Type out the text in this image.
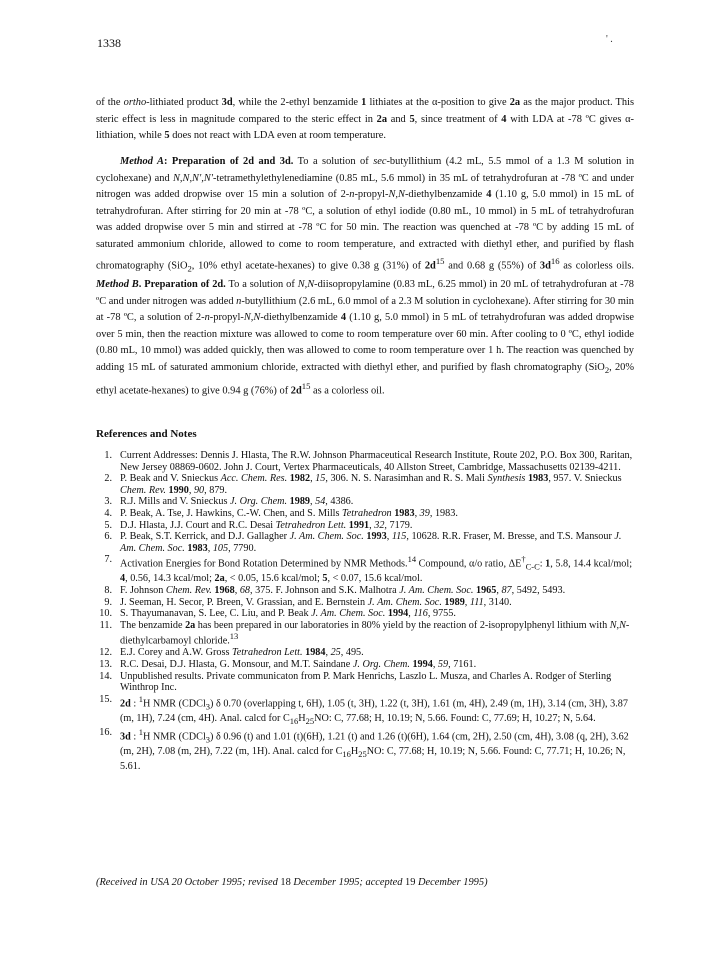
1338	' .

of the ortho-lithiated product 3d, while the 2-ethyl benzamide 1 lithiates at the α-position to give 2a as the major product. This steric effect is less in magnitude compared to the steric effect in 2a and 5, since treatment of 4 with LDA at -78 ºC gives α-lithiation, while 5 does not react with LDA even at room temperature.

Method A: Preparation of 2d and 3d. To a solution of sec-butyllithium (4.2 mL, 5.5 mmol of a 1.3 M solution in cyclohexane) and N,N,N′,N′-tetramethylethylenediamine (0.85 mL, 5.6 mmol) in 35 mL of tetrahydrofuran at -78 ºC and under nitrogen was added dropwise over 15 min a solution of 2-n-propyl-N,N-diethylbenzamide 4 (1.10 g, 5.0 mmol) in 15 mL of tetrahydrofuran. After stirring for 20 min at -78 ºC, a solution of ethyl iodide (0.80 mL, 10 mmol) in 5 mL of tetrahydrofuran was added dropwise over 5 min and stirred at -78 ºC for 50 min. The reaction was quenched at -78 ºC by adding 15 mL of saturated ammonium chloride, allowed to come to room temperature, and extracted with diethyl ether, and purified by flash chromatography (SiO$_2$, 10% ethyl acetate-hexanes) to give 0.38 g (31%) of $2d^{15}$ and 0.68 g (55%) of $3d^{16}$ as colorless oils. Method B. Preparation of 2d. To a solution of N,N-diisopropylamine (0.83 mL, 6.25 mmol) in 20 mL of tetrahydrofuran at -78 ºC and under nitrogen was added n-butyllithium (2.6 mL, 6.0 mmol of a 2.3 M solution in cyclohexane). After stirring for 30 min at -78 ºC, a solution of 2-n-propyl-N,N-diethylbenzamide 4 (1.10 g, 5.0 mmol) in 5 mL of tetrahydrofuran was added dropwise over 5 min, then the reaction mixture was allowed to come to room temperature over 60 min. After cooling to 0 ºC, ethyl iodide (0.80 mL, 10 mmol) was added quickly, then was allowed to come to room temperature over 1 h. The reaction was quenched by adding 15 mL of saturated ammonium chloride, extracted with diethyl ether, and purified by flash chromatography (SiO$_2$, 20% ethyl acetate-hexanes) to give 0.94 g (76%) of $2d^{15}$ as a colorless oil.

References and Notes
1. Current Addresses: Dennis J. Hlasta, The R.W. Johnson Pharmaceutical Research Institute, Route 202, P.O. Box 300, Raritan, New Jersey 08869-0602. John J. Court, Vertex Pharmaceuticals, 40 Allston Street, Cambridge, Massachusetts 02139-4211.
2. P. Beak and V. Snieckus Acc. Chem. Res. 1982, 15, 306. N. S. Narasimhan and R. S. Mali Synthesis 1983, 957. V. Snieckus Chem. Rev. 1990, 90, 879.
3. R.J. Mills and V. Snieckus J. Org. Chem. 1989, 54, 4386.
4. P. Beak, A. Tse, J. Hawkins, C.-W. Chen, and S. Mills Tetrahedron 1983, 39, 1983.
5. D.J. Hlasta, J.J. Court and R.C. Desai Tetrahedron Lett. 1991, 32, 7179.
6. P. Beak, S.T. Kerrick, and D.J. Gallagher J. Am. Chem. Soc. 1993, 115, 10628. R.R. Fraser, M. Bresse, and T.S. Mansour J. Am. Chem. Soc. 1983, 105, 7790.
7. Activation Energies for Bond Rotation Determined by NMR Methods.$^{14}$ Compound, α/o ratio, $\Delta E^\dagger_{C-C}$: 1, 5.8, 14.4 kcal/mol; 4, 0.56, 14.3 kcal/mol; 2a, < 0.05, 15.6 kcal/mol; 5, < 0.07, 15.6 kcal/mol.
8. F. Johnson Chem. Rev. 1968, 68, 375. F. Johnson and S.K. Malhotra J. Am. Chem. Soc. 1965, 87, 5492, 5493.
9. J. Seeman, H. Secor, P. Breen, V. Grassian, and E. Bernstein J. Am. Chem. Soc. 1989, 111, 3140.
10. S. Thayumanavan, S. Lee, C. Liu, and P. Beak J. Am. Chem. Soc. 1994, 116, 9755.
11. The benzamide 2a has been prepared in our laboratories in 80% yield by the reaction of 2-isopropylphenyl lithium with N,N-diethylcarbamoyl chloride.$^{13}$
12. E.J. Corey and A.W. Gross Tetrahedron Lett. 1984, 25, 495.
13. R.C. Desai, D.J. Hlasta, G. Monsour, and M.T. Saindane J. Org. Chem. 1994, 59, 7161.
14. Unpublished results. Private communicaton from P. Mark Henrichs, Laszlo L. Musza, and Charles A. Rodger of Sterling Winthrop Inc.
15. 2d : $^1$H NMR (CDCl$_3$) δ 0.70 (overlapping t, 6H), 1.05 (t, 3H), 1.22 (t, 3H), 1.61 (m, 4H), 2.49 (m, 1H), 3.14 (cm, 3H), 3.87 (m, 1H), 7.24 (cm, 4H). Anal. calcd for $C_{16}H_{25}NO$: C, 77.68; H, 10.19; N, 5.66. Found: C, 77.69; H, 10.27; N, 5.64.
16. 3d : $^1$H NMR (CDCl$_3$) δ 0.96 (t) and 1.01 (t)(6H), 1.21 (t) and 1.26 (t)(6H), 1.64 (cm, 2H), 2.50 (cm, 4H), 3.08 (q, 2H), 3.62 (m, 2H), 7.08 (m, 2H), 7.22 (m, 1H). Anal. calcd for $C_{16}H_{25}NO$: C, 77.68; H, 10.19; N, 5.66. Found: C, 77.71; H, 10.26; N, 5.61.
(Received in USA 20 October 1995; revised 18 December 1995; accepted 19 December 1995)
